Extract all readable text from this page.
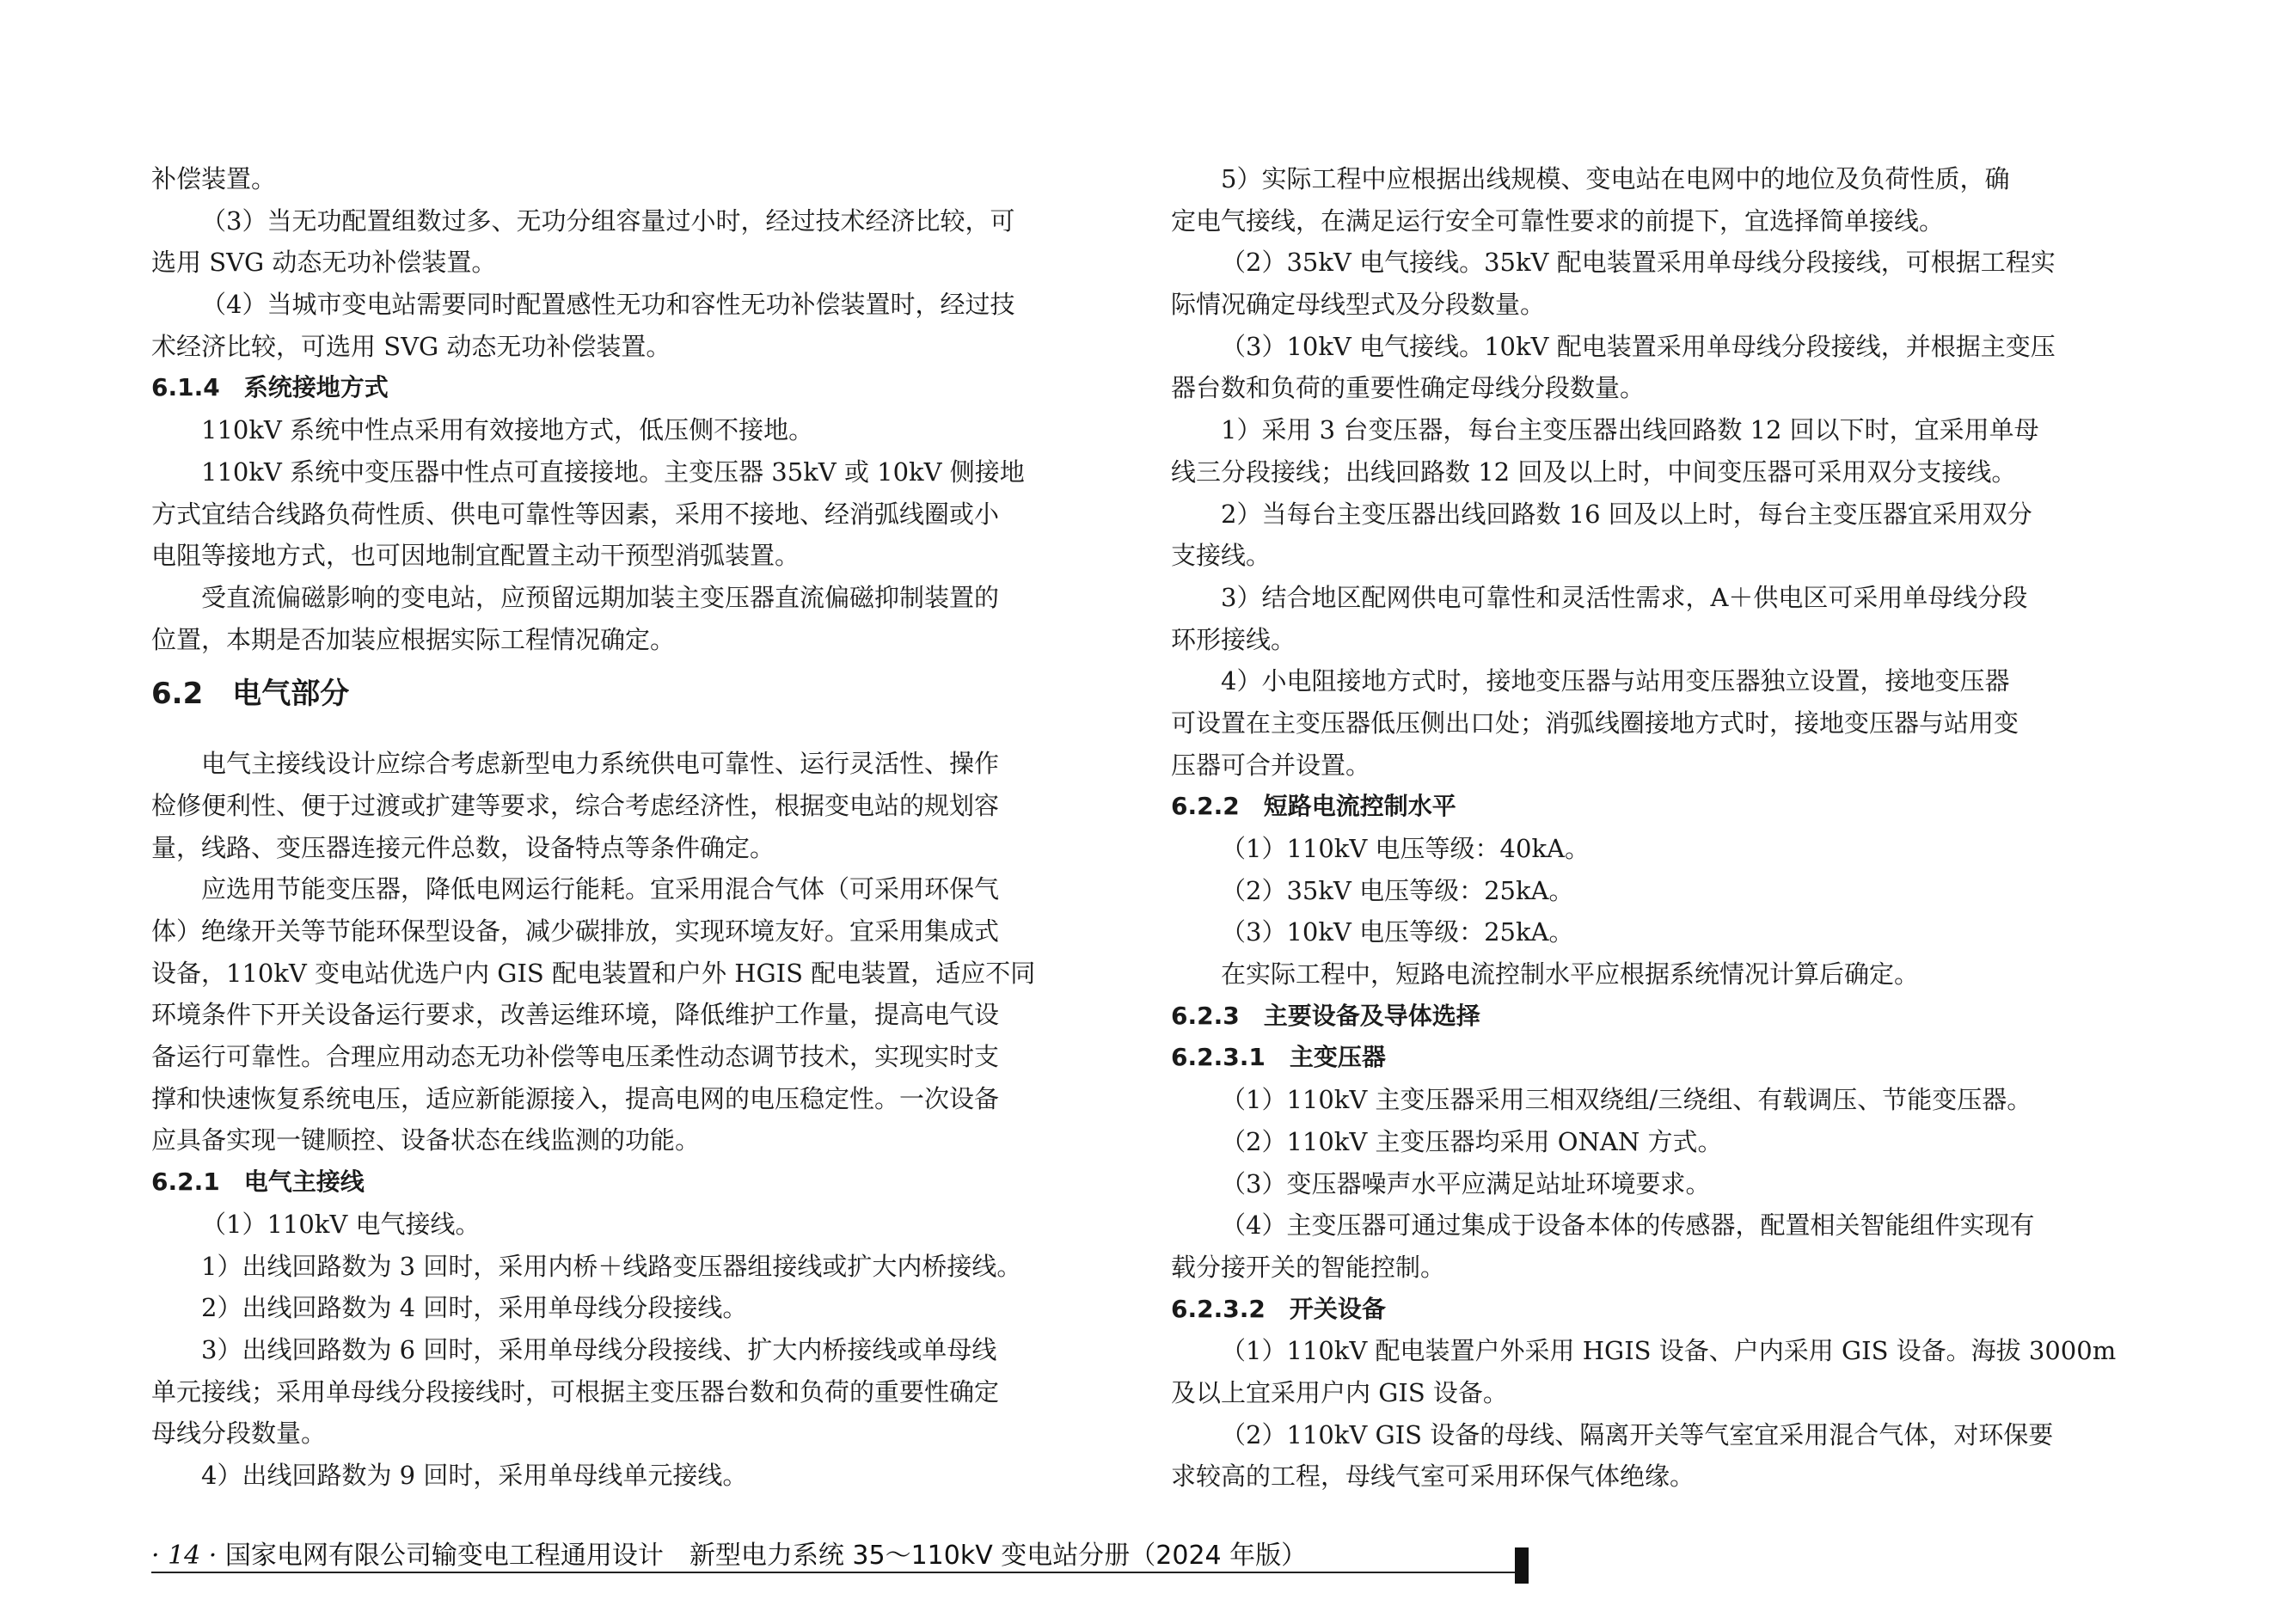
补偿装置。
（3）当无功配置组数过多、无功分组容量过小时，经过技术经济比较，可
选用 SVG 动态无功补偿装置。
（4）当城市变电站需要同时配置感性无功和容性无功补偿装置时，经过技
术经济比较，可选用 SVG 动态无功补偿装置。
6.1.4　系统接地方式
110kV 系统中性点采用有效接地方式，低压侧不接地。
110kV 系统中变压器中性点可直接接地。主变压器 35kV 或 10kV 侧接地
方式宜结合线路负荷性质、供电可靠性等因素，采用不接地、经消弧线圈或小
电阻等接地方式，也可因地制宜配置主动干预型消弧装置。
受直流偏磁影响的变电站，应预留远期加装主变压器直流偏磁抑制装置的
位置，本期是否加装应根据实际工程情况确定。
6.2　电气部分
电气主接线设计应综合考虑新型电力系统供电可靠性、运行灵活性、操作
检修便利性、便于过渡或扩建等要求，综合考虑经济性，根据变电站的规划容
量，线路、变压器连接元件总数，设备特点等条件确定。
应选用节能变压器，降低电网运行能耗。宜采用混合气体（可采用环保气
体）绝缘开关等节能环保型设备，减少碳排放，实现环境友好。宜采用集成式
设备，110kV 变电站优选户内 GIS 配电装置和户外 HGIS 配电装置，适应不同
环境条件下开关设备运行要求，改善运维环境，降低维护工作量，提高电气设
备运行可靠性。合理应用动态无功补偿等电压柔性动态调节技术，实现实时支
撑和快速恢复系统电压，适应新能源接入，提高电网的电压稳定性。一次设备
应具备实现一键顺控、设备状态在线监测的功能。
6.2.1　电气主接线
（1）110kV 电气接线。
1）出线回路数为 3 回时，采用内桥＋线路变压器组接线或扩大内桥接线。
2）出线回路数为 4 回时，采用单母线分段接线。
3）出线回路数为 6 回时，采用单母线分段接线、扩大内桥接线或单母线
单元接线；采用单母线分段接线时，可根据主变压器台数和负荷的重要性确定
母线分段数量。
4）出线回路数为 9 回时，采用单母线单元接线。
5）实际工程中应根据出线规模、变电站在电网中的地位及负荷性质，确
定电气接线，在满足运行安全可靠性要求的前提下，宜选择简单接线。
（2）35kV 电气接线。35kV 配电装置采用单母线分段接线，可根据工程实
际情况确定母线型式及分段数量。
（3）10kV 电气接线。10kV 配电装置采用单母线分段接线，并根据主变压
器台数和负荷的重要性确定母线分段数量。
1）采用 3 台变压器，每台主变压器出线回路数 12 回以下时，宜采用单母
线三分段接线；出线回路数 12 回及以上时，中间变压器可采用双分支接线。
2）当每台主变压器出线回路数 16 回及以上时，每台主变压器宜采用双分
支接线。
3）结合地区配网供电可靠性和灵活性需求，A＋供电区可采用单母线分段
环形接线。
4）小电阻接地方式时，接地变压器与站用变压器独立设置，接地变压器
可设置在主变压器低压侧出口处；消弧线圈接地方式时，接地变压器与站用变
压器可合并设置。
6.2.2　短路电流控制水平
（1）110kV 电压等级：40kA。
（2）35kV 电压等级：25kA。
（3）10kV 电压等级：25kA。
在实际工程中，短路电流控制水平应根据系统情况计算后确定。
6.2.3　主要设备及导体选择
6.2.3.1　主变压器
（1）110kV 主变压器采用三相双绕组/三绕组、有载调压、节能变压器。
（2）110kV 主变压器均采用 ONAN 方式。
（3）变压器噪声水平应满足站址环境要求。
（4）主变压器可通过集成于设备本体的传感器，配置相关智能组件实现有
载分接开关的智能控制。
6.2.3.2　开关设备
（1）110kV 配电装置户外采用 HGIS 设备、户内采用 GIS 设备。海拔 3000m
及以上宜采用户内 GIS 设备。
（2）110kV GIS 设备的母线、隔离开关等气室宜采用混合气体，对环保要
求较高的工程，母线气室可采用环保气体绝缘。
· 14 · 国家电网有限公司输变电工程通用设计　新型电力系统 35～110kV 变电站分册（2024 年版）
